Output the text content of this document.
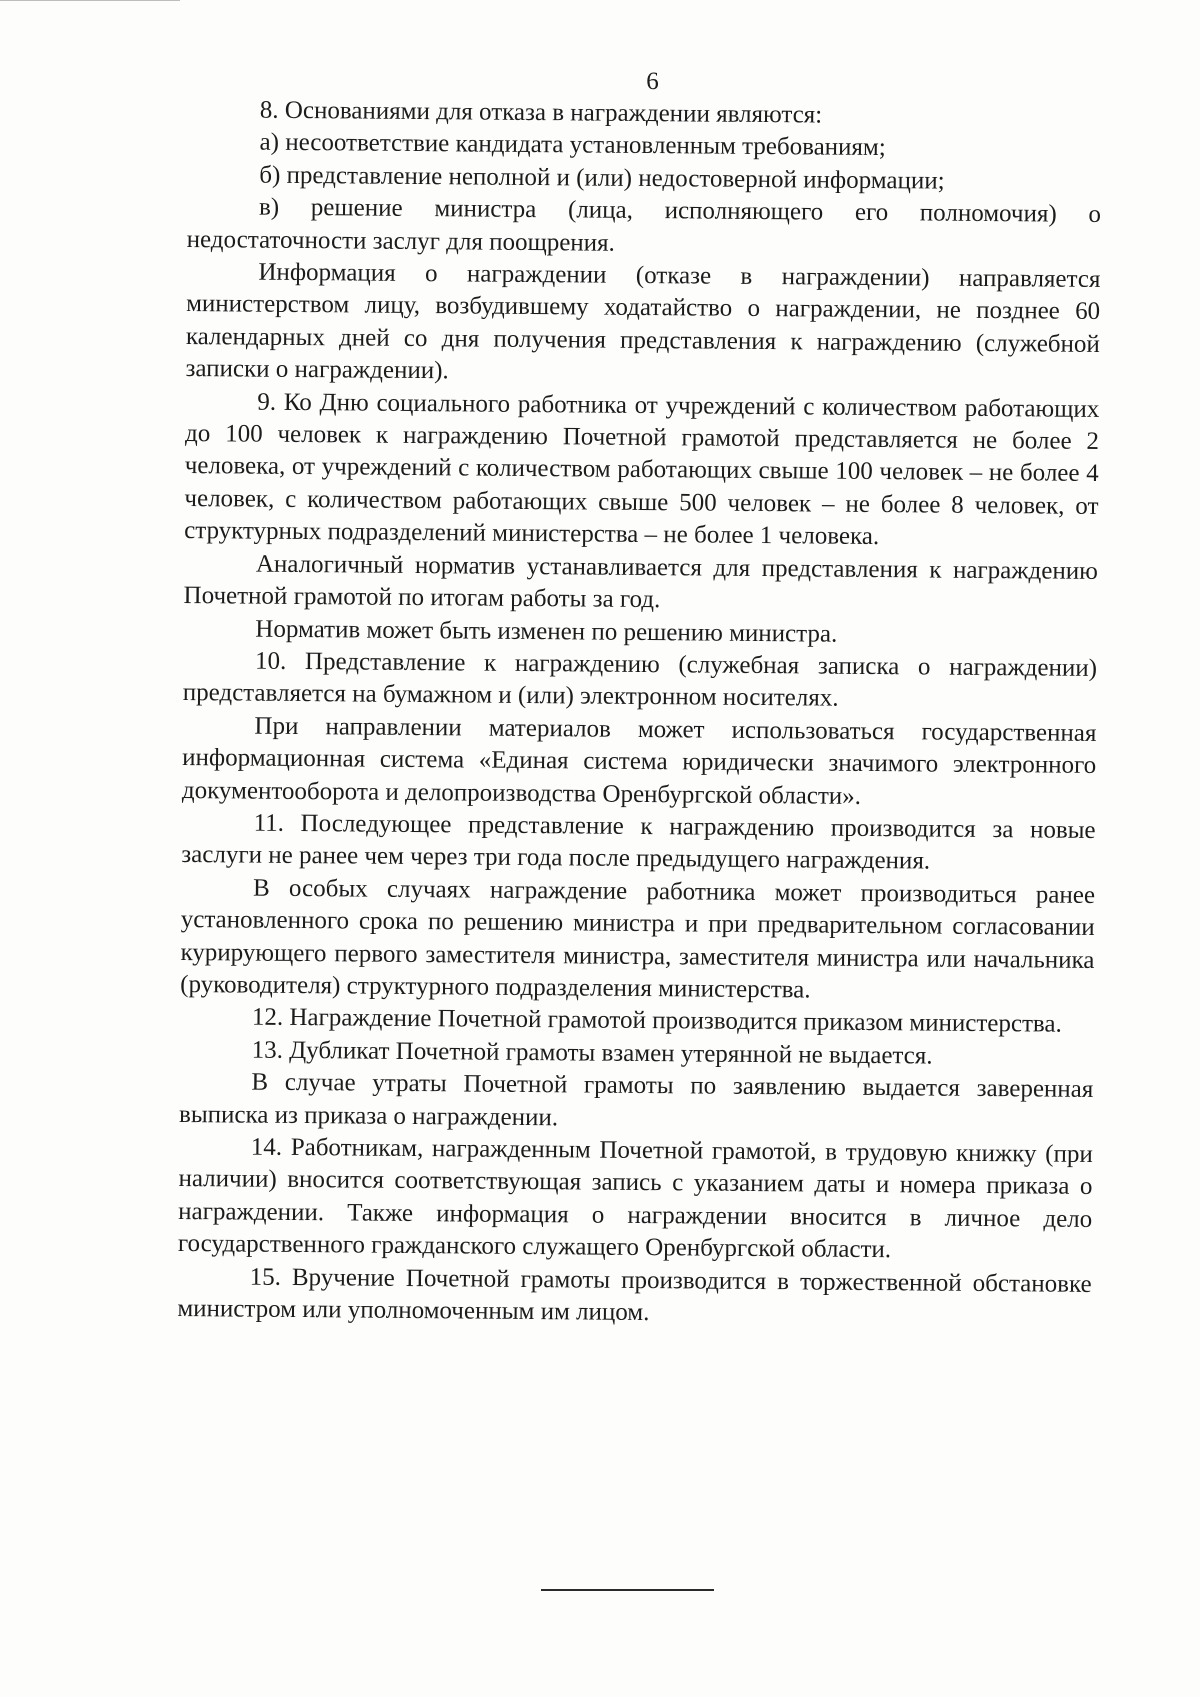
6

8. Основаниями для отказа в награждении являются:

а) несоответствие кандидата установленным требованиям;

б) представление неполной и (или) недостоверной информации;

в) решение министра (лица, исполняющего его полномочия) о недостаточности заслуг для поощрения.

Информация о награждении (отказе в награждении) направляется министерством лицу, возбудившему ходатайство о награждении, не позднее 60 календарных дней со дня получения представления к награждению (служебной записки о награждении).

9. Ко Дню социального работника от учреждений с количеством работающих до 100 человек к награждению Почетной грамотой представляется не более 2 человека, от учреждений с количеством работающих свыше 100 человек – не более 4 человек, с количеством работающих свыше 500 человек – не более 8 человек, от структурных подразделений министерства – не более 1 человека.

Аналогичный норматив устанавливается для представления к награждению Почетной грамотой по итогам работы за год.

Норматив может быть изменен по решению министра.

10. Представление к награждению (служебная записка о награждении) представляется на бумажном и (или) электронном носителях.

При направлении материалов может использоваться государственная информационная система «Единая система юридически значимого электронного документооборота и делопроизводства Оренбургской области».

11. Последующее представление к награждению производится за новые заслуги не ранее чем через три года после предыдущего награждения.

В особых случаях награждение работника может производиться ранее установленного срока по решению министра и при предварительном согласовании курирующего первого заместителя министра, заместителя министра или начальника (руководителя) структурного подразделения министерства.

12. Награждение Почетной грамотой производится приказом министерства.

13. Дубликат Почетной грамоты взамен утерянной не выдается.

В случае утраты Почетной грамоты по заявлению выдается заверенная выписка из приказа о награждении.

14. Работникам, награжденным Почетной грамотой, в трудовую книжку (при наличии) вносится соответствующая запись с указанием даты и номера приказа о награждении. Также информация о награждении вносится в личное дело государственного гражданского служащего Оренбургской области.

15. Вручение Почетной грамоты производится в торжественной обстановке министром или уполномоченным им лицом.
